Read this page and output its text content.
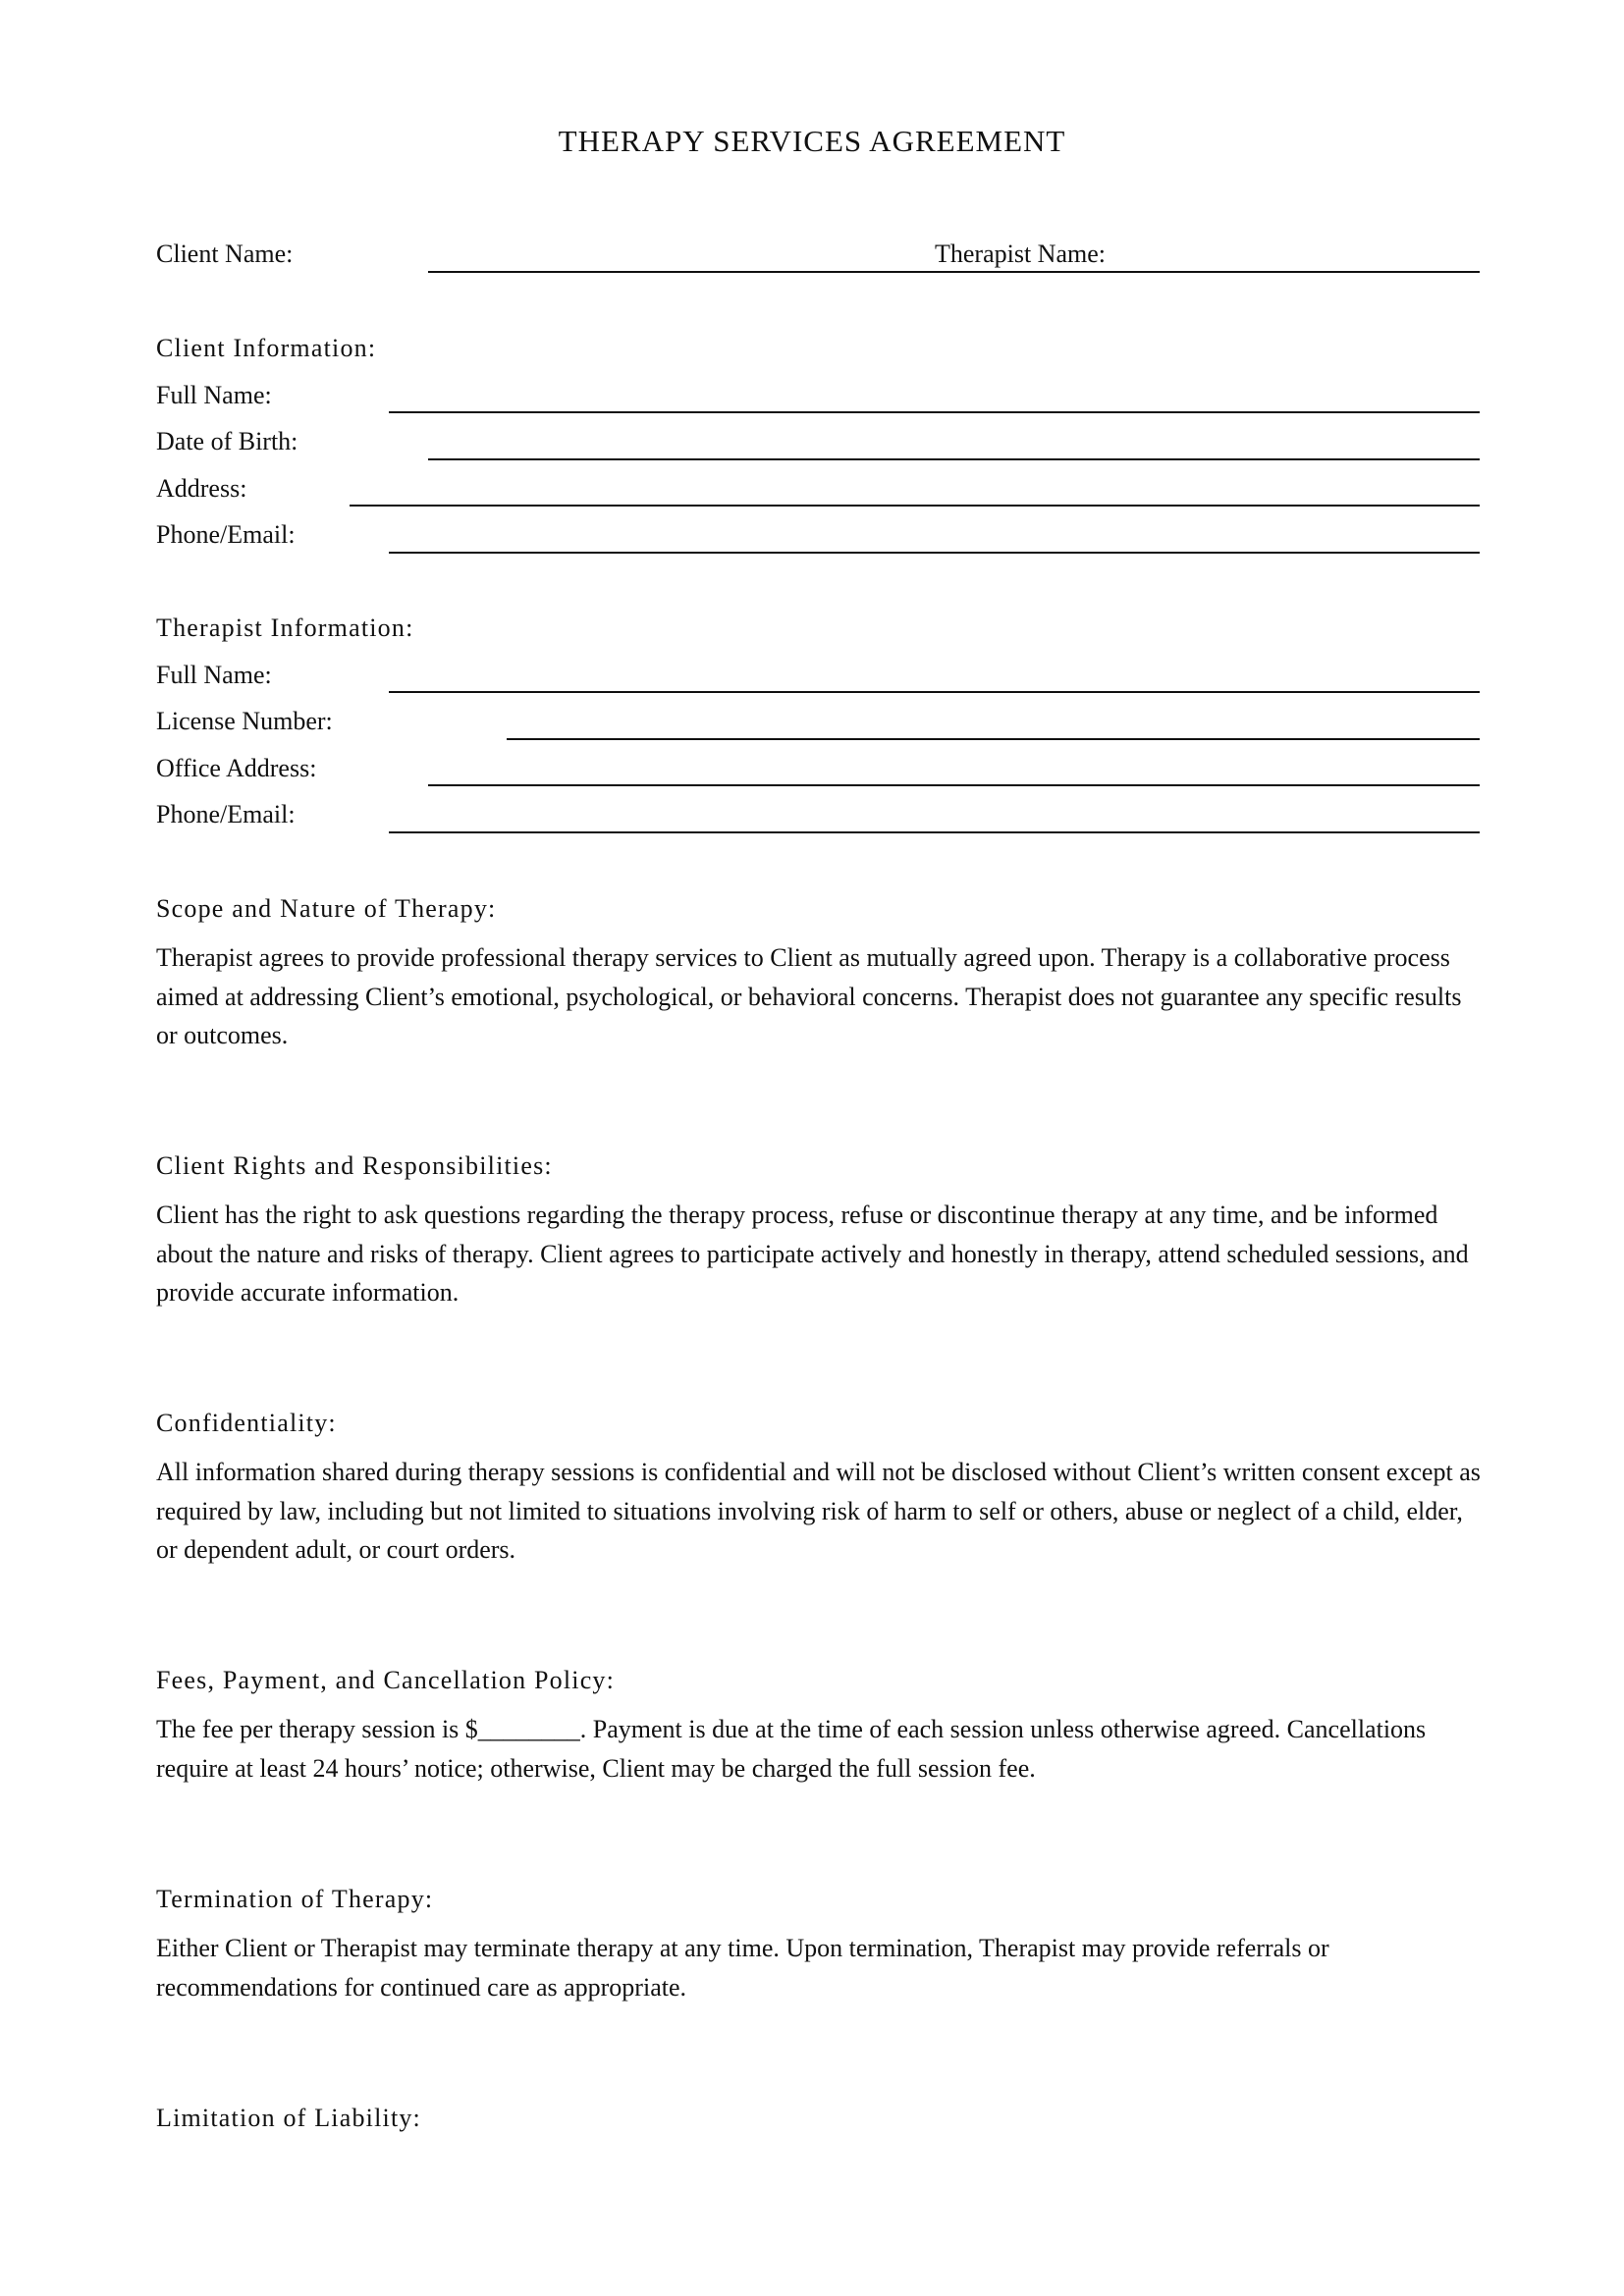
THERAPY SERVICES AGREEMENT
Client Name:	Therapist Name:
Client Information:
Full Name:
Date of Birth:
Address:
Phone/Email:
Therapist Information:
Full Name:
License Number:
Office Address:
Phone/Email:
Scope and Nature of Therapy:

Therapist agrees to provide professional therapy services to Client as mutually agreed upon. Therapy is a collaborative process aimed at addressing Client’s emotional, psychological, or behavioral concerns. Therapist does not guarantee any specific results or outcomes.

Client Rights and Responsibilities:

Client has the right to ask questions regarding the therapy process, refuse or discontinue therapy at any time, and be informed about the nature and risks of therapy. Client agrees to participate actively and honestly in therapy, attend scheduled sessions, and provide accurate information.

Confidentiality:

All information shared during therapy sessions is confidential and will not be disclosed without Client’s written consent except as required by law, including but not limited to situations involving risk of harm to self or others, abuse or neglect of a child, elder, or dependent adult, or court orders.

Fees, Payment, and Cancellation Policy:

The fee per therapy session is $________. Payment is due at the time of each session unless otherwise agreed. Cancellations require at least 24 hours’ notice; otherwise, Client may be charged the full session fee.

Termination of Therapy:

Either Client or Therapist may terminate therapy at any time. Upon termination, Therapist may provide referrals or recommendations for continued care as appropriate.

Limitation of Liability:
